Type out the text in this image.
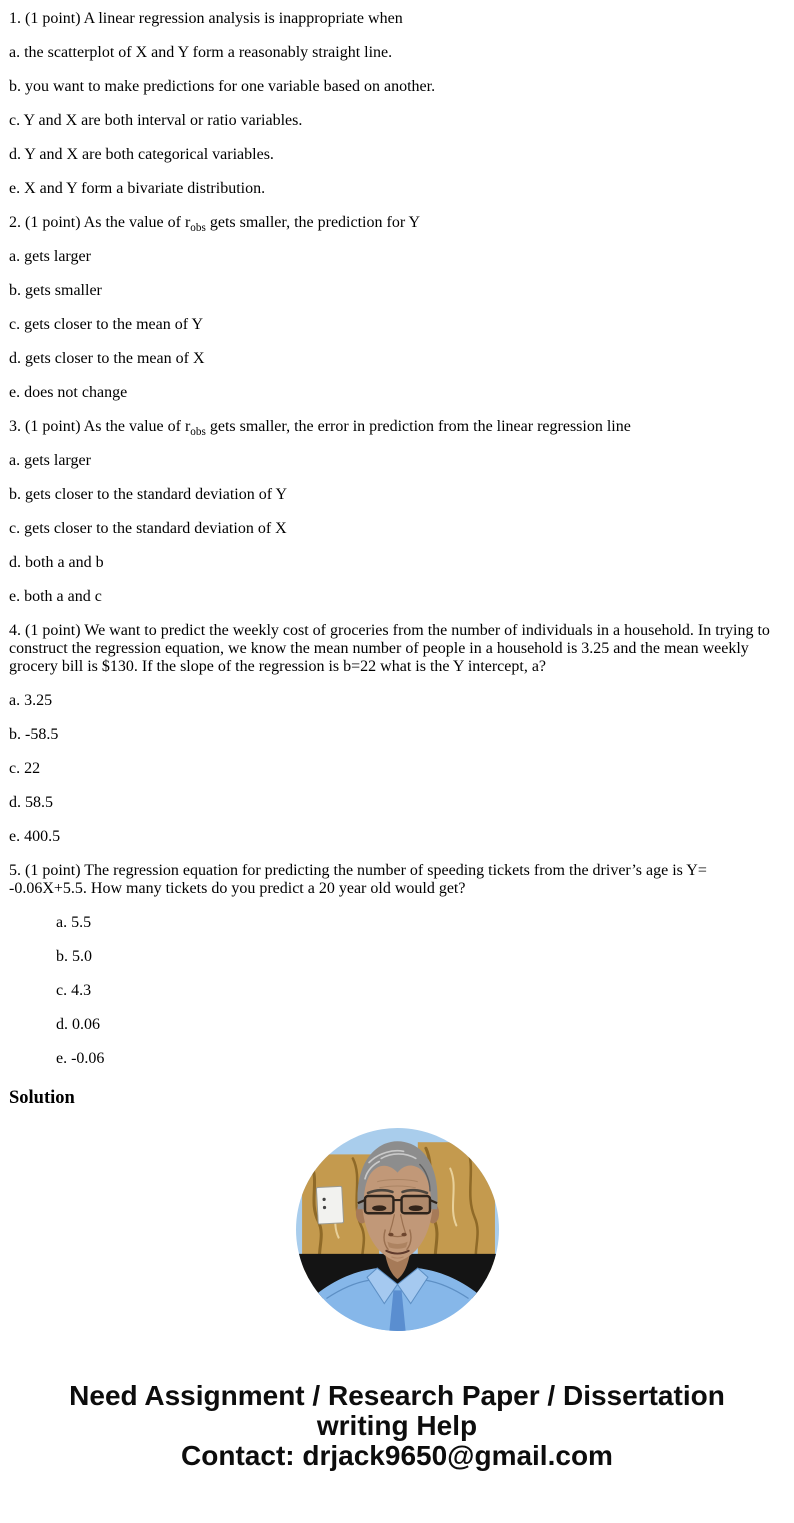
1. (1 point) A linear regression analysis is inappropriate when

a. the scatterplot of X and Y form a reasonably straight line.

b. you want to make predictions for one variable based on another.

c. Y and X are both interval or ratio variables.

d. Y and X are both categorical variables.

e. X and Y form a bivariate distribution.

2. (1 point) As the value of $r_{obs}$ gets smaller, the prediction for Y

a. gets larger

b. gets smaller

c. gets closer to the mean of Y

d. gets closer to the mean of X

e. does not change

3. (1 point) As the value of $r_{obs}$ gets smaller, the error in prediction from the linear regression line

a. gets larger

b. gets closer to the standard deviation of Y

c. gets closer to the standard deviation of X

d. both a and b

e. both a and c

4. (1 point) We want to predict the weekly cost of groceries from the number of individuals in a household. In trying to construct the regression equation, we know the mean number of people in a household is 3.25 and the mean weekly grocery bill is $130. If the slope of the regression is b=22 what is the Y intercept, a?

a. 3.25

b. -58.5

c. 22

d. 58.5

e. 400.5

5. (1 point) The regression equation for predicting the number of speeding tickets from the driver’s age is Y= -0.06X+5.5. How many tickets do you predict a 20 year old would get?

a. 5.5

b. 5.0

c. 4.3

d. 0.06

e. -0.06

Solution
Need Assignment / Research Paper / Dissertation writing Help
Contact: drjack9650@gmail.com
